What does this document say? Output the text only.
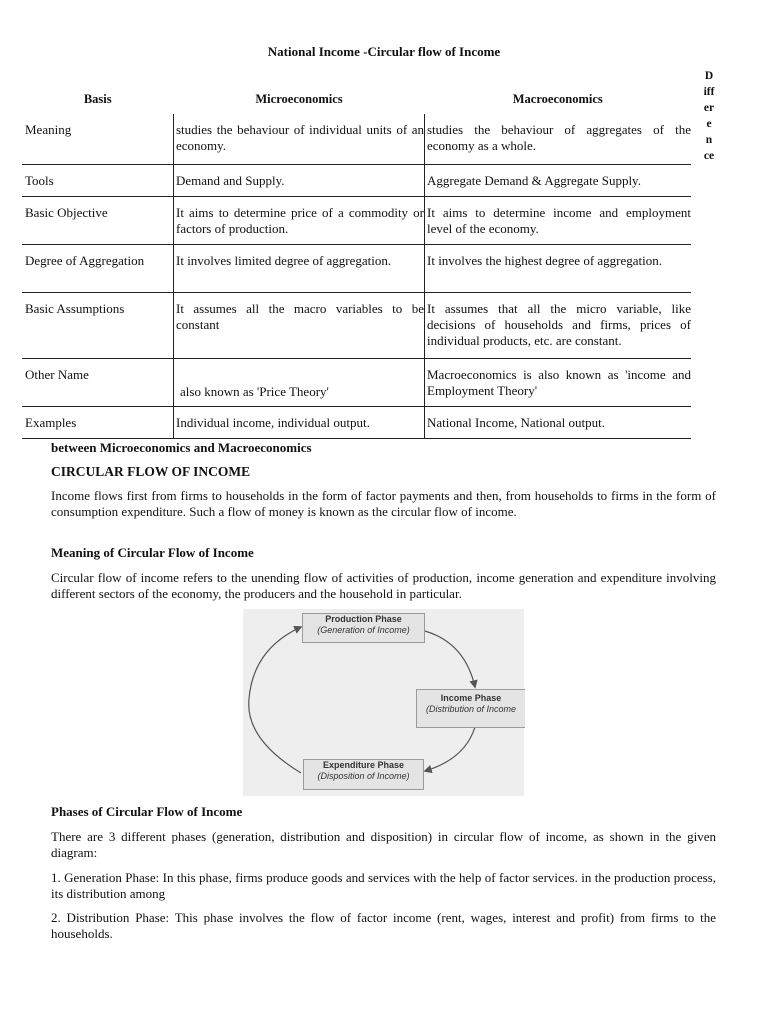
National Income -Circular flow of Income
D
iff
er
e
n
ce
Basis	Microeconomics	Macroeconomics
Meaning	studies the behaviour of individual units of an economy.	studies the behaviour of aggregates of the economy as a whole.
Tools	Demand and Supply.	Aggregate Demand & Aggregate Supply.
Basic Objective	It aims to determine price of a commodity or factors of production.	It aims to determine income and employment level of the economy.
Degree of Aggregation	It involves limited degree of aggregation.	It involves the highest degree of aggregation.
Basic Assumptions	It assumes all the macro variables to be constant	It assumes that all the micro variable, like decisions of households and firms, prices of individual products, etc. are constant.
Other Name	also known as 'Price Theory'	Macroeconomics is also known as 'income and Employment Theory'
Examples	Individual income, individual output.	National Income, National output.
between Microeconomics and Macroeconomics
CIRCULAR FLOW OF INCOME
Income flows first from firms to households in the form of factor payments and then, from households to firms in the form of consumption expenditure. Such a flow of money is known as the circular flow of income.
Meaning of Circular Flow of Income
Circular flow of income refers to the unending flow of activities of production, income generation and expenditure involving different sectors of the economy, the producers and the household in particular.
Production Phase
(Generation of Income)
Income Phase
(Distribution of Income
Expenditure Phase
(Disposition of Income)
Phases of Circular Flow of Income
There are 3 different phases (generation, distribution and disposition) in circular flow of income, as shown in the given diagram:
1. Generation Phase: In this phase, firms produce goods and services with the help of factor services. in the production process, its distribution among
2. Distribution Phase: This phase involves the flow of factor income (rent, wages, interest and profit) from firms to the households.
